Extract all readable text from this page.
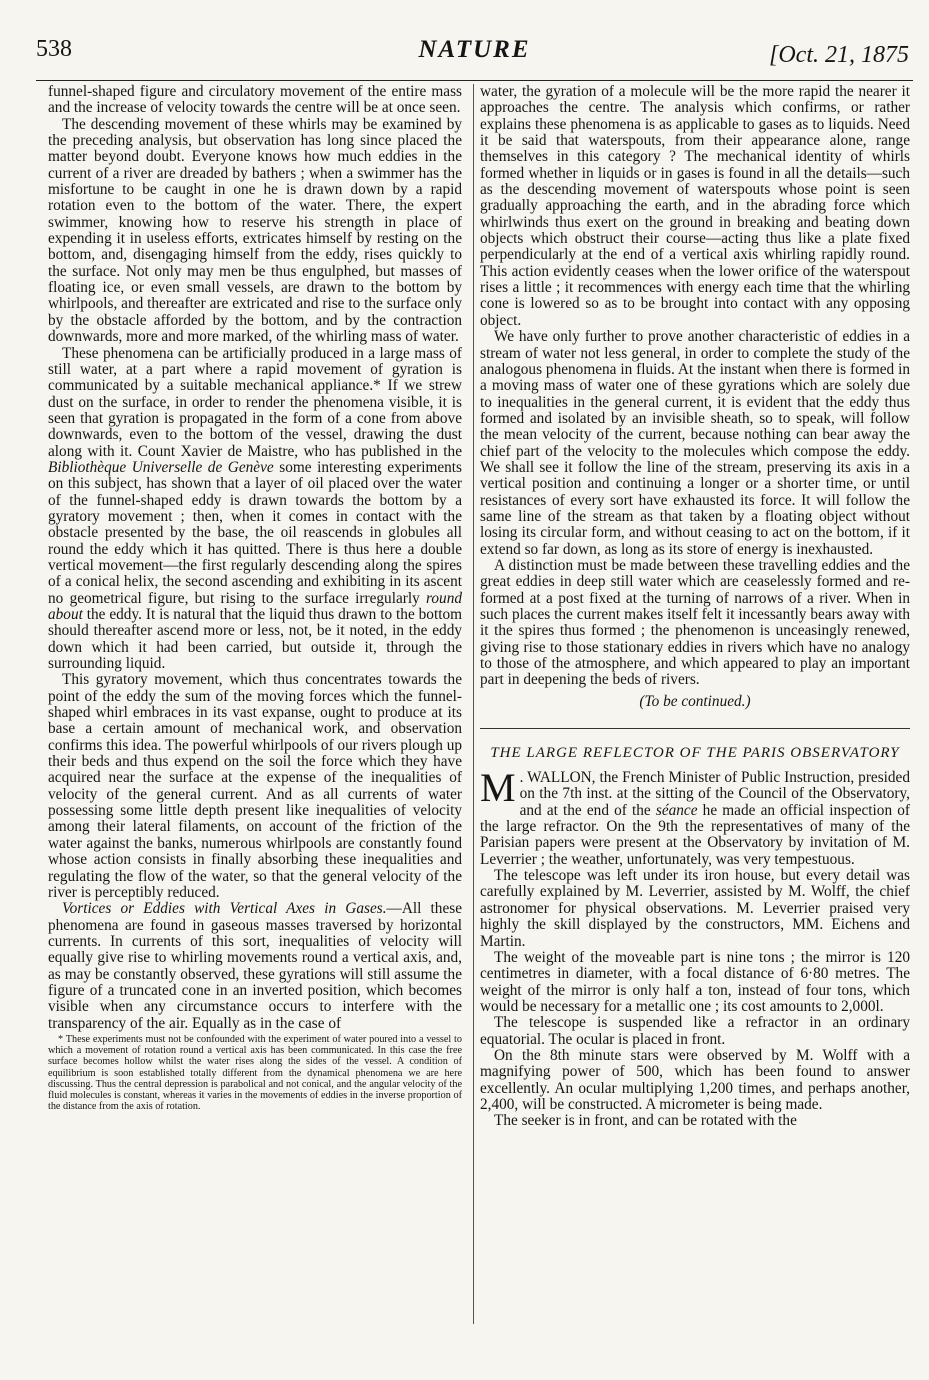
538	NATURE	[Oct. 21, 1875

funnel-shaped figure and circulatory movement of the entire mass and the increase of velocity towards the centre will be at once seen.

The descending movement of these whirls may be examined by the preceding analysis, but observation has long since placed the matter beyond doubt. Everyone knows how much eddies in the current of a river are dreaded by bathers ; when a swimmer has the misfortune to be caught in one he is drawn down by a rapid rotation even to the bottom of the water. There, the expert swimmer, knowing how to reserve his strength in place of expending it in useless efforts, extricates himself by resting on the bottom, and, disengaging himself from the eddy, rises quickly to the surface. Not only may men be thus engulphed, but masses of floating ice, or even small vessels, are drawn to the bottom by whirlpools, and thereafter are extricated and rise to the surface only by the obstacle afforded by the bottom, and by the contraction downwards, more and more marked, of the whirling mass of water.

These phenomena can be artificially produced in a large mass of still water, at a part where a rapid movement of gyration is communicated by a suitable mechanical appliance.* If we strew dust on the surface, in order to render the phenomena visible, it is seen that gyration is propagated in the form of a cone from above downwards, even to the bottom of the vessel, drawing the dust along with it. Count Xavier de Maistre, who has published in the Bibliothèque Universelle de Genève some interesting experiments on this subject, has shown that a layer of oil placed over the water of the funnel-shaped eddy is drawn towards the bottom by a gyratory movement ; then, when it comes in contact with the obstacle presented by the base, the oil reascends in globules all round the eddy which it has quitted. There is thus here a double vertical movement—the first regularly descending along the spires of a conical helix, the second ascending and exhibiting in its ascent no geometrical figure, but rising to the surface irregularly round about the eddy. It is natural that the liquid thus drawn to the bottom should thereafter ascend more or less, not, be it noted, in the eddy down which it had been carried, but outside it, through the surrounding liquid.

This gyratory movement, which thus concentrates towards the point of the eddy the sum of the moving forces which the funnel-shaped whirl embraces in its vast expanse, ought to produce at its base a certain amount of mechanical work, and observation confirms this idea. The powerful whirlpools of our rivers plough up their beds and thus expend on the soil the force which they have acquired near the surface at the expense of the inequalities of velocity of the general current. And as all currents of water possessing some little depth present like inequalities of velocity among their lateral filaments, on account of the friction of the water against the banks, numerous whirlpools are constantly found whose action consists in finally absorbing these inequalities and regulating the flow of the water, so that the general velocity of the river is perceptibly reduced.

Vortices or Eddies with Vertical Axes in Gases.—All these phenomena are found in gaseous masses traversed by horizontal currents. In currents of this sort, inequalities of velocity will equally give rise to whirling movements round a vertical axis, and, as may be constantly observed, these gyrations will still assume the figure of a truncated cone in an inverted position, which becomes visible when any circumstance occurs to interfere with the transparency of the air. Equally as in the case of

* These experiments must not be confounded with the experiment of water poured into a vessel to which a movement of rotation round a vertical axis has been communicated. In this case the free surface becomes hollow whilst the water rises along the sides of the vessel. A condition of equilibrium is soon established totally different from the dynamical phenomena we are here discussing. Thus the central depression is parabolical and not conical, and the angular velocity of the fluid molecules is constant, whereas it varies in the movements of eddies in the inverse proportion of the distance from the axis of rotation.

water, the gyration of a molecule will be the more rapid the nearer it approaches the centre. The analysis which confirms, or rather explains these phenomena is as applicable to gases as to liquids. Need it be said that waterspouts, from their appearance alone, range themselves in this category ? The mechanical identity of whirls formed whether in liquids or in gases is found in all the details—such as the descending movement of waterspouts whose point is seen gradually approaching the earth, and in the abrading force which whirlwinds thus exert on the ground in breaking and beating down objects which obstruct their course—acting thus like a plate fixed perpendicularly at the end of a vertical axis whirling rapidly round. This action evidently ceases when the lower orifice of the waterspout rises a little ; it recommences with energy each time that the whirling cone is lowered so as to be brought into contact with any opposing object.

We have only further to prove another characteristic of eddies in a stream of water not less general, in order to complete the study of the analogous phenomena in fluids. At the instant when there is formed in a moving mass of water one of these gyrations which are solely due to inequalities in the general current, it is evident that the eddy thus formed and isolated by an invisible sheath, so to speak, will follow the mean velocity of the current, because nothing can bear away the chief part of the velocity to the molecules which compose the eddy. We shall see it follow the line of the stream, preserving its axis in a vertical position and continuing a longer or a shorter time, or until resistances of every sort have exhausted its force. It will follow the same line of the stream as that taken by a floating object without losing its circular form, and without ceasing to act on the bottom, if it extend so far down, as long as its store of energy is inexhausted.

A distinction must be made between these travelling eddies and the great eddies in deep still water which are ceaselessly formed and re-formed at a post fixed at the turning of narrows of a river. When in such places the current makes itself felt it incessantly bears away with it the spires thus formed ; the phenomenon is unceasingly renewed, giving rise to those stationary eddies in rivers which have no analogy to those of the atmosphere, and which appeared to play an important part in deepening the beds of rivers.

(To be continued.)
THE LARGE REFLECTOR OF THE PARIS OBSERVATORY

M . WALLON, the French Minister of Public Instruction, presided on the 7th inst. at the sitting of the Council of the Observatory, and at the end of the séance he made an official inspection of the large refractor. On the 9th the representatives of many of the Parisian papers were present at the Observatory by invitation of M. Leverrier ; the weather, unfortunately, was very tempestuous.

The telescope was left under its iron house, but every detail was carefully explained by M. Leverrier, assisted by M. Wolff, the chief astronomer for physical observations. M. Leverrier praised very highly the skill displayed by the constructors, MM. Eichens and Martin.

The weight of the moveable part is nine tons ; the mirror is 120 centimetres in diameter, with a focal distance of 6·80 metres. The weight of the mirror is only half a ton, instead of four tons, which would be necessary for a metallic one ; its cost amounts to 2,000l.

The telescope is suspended like a refractor in an ordinary equatorial. The ocular is placed in front.

On the 8th minute stars were observed by M. Wolff with a magnifying power of 500, which has been found to answer excellently. An ocular multiplying 1,200 times, and perhaps another, 2,400, will be constructed. A micrometer is being made.

The seeker is in front, and can be rotated with the
